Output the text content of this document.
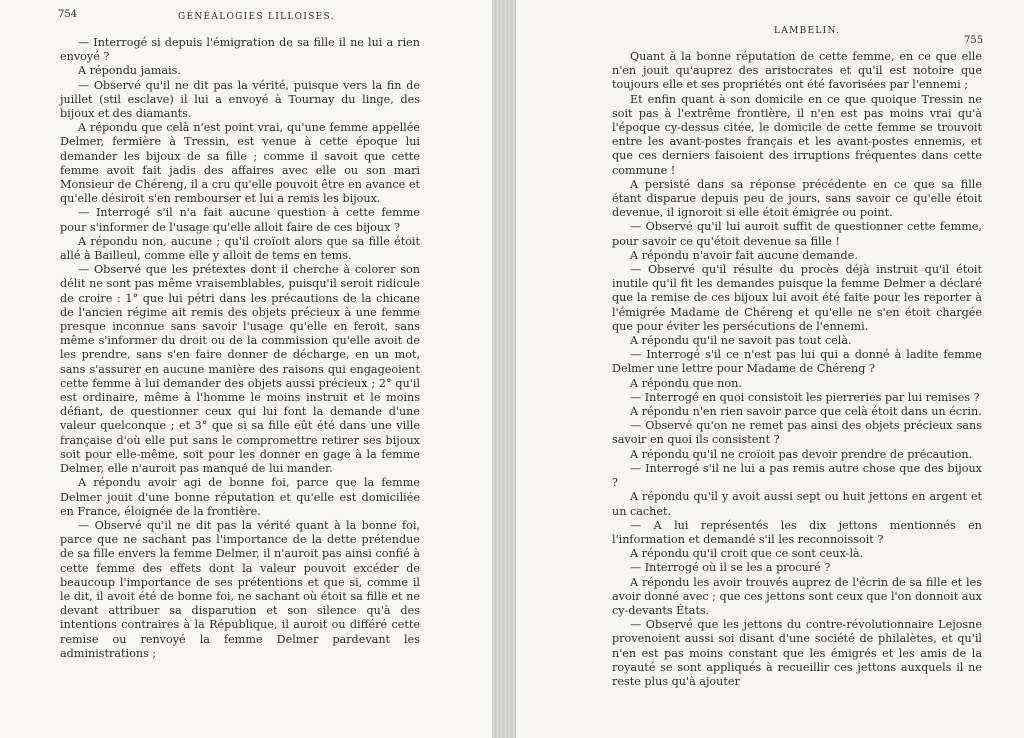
754	GÉNÉALOGIES LILLOISES.

— Interrogé si depuis l'émigration de sa fille il ne lui a rien envoyé ?

A répondu jamais.

— Observé qu'il ne dit pas la vérité, puisque vers la fin de juillet (stil esclave) il lui a envoyé à Tournay du linge, des bijoux et des diamants.

A répondu que celà n'est point vrai, qu'une femme appellée Delmer, fermière à Tressin, est venue à cette époque lui demander les bijoux de sa fille ; comme il savoit que cette femme avoit fait jadis des affaires avec elle ou son mari Monsieur de Chéreng, il a cru qu'elle pouvoit être en avance et qu'elle désiroit s'en rembourser et lui a remis les bijoux.

— Interrogé s'il n'a fait aucune question à cette femme pour s'informer de l'usage qu'elle alloit faire de ces bijoux ?

A répondu non, aucune ; qu'il croïoit alors que sa fille étoit allé à Bailleul, comme elle y alloit de tems en tems.

— Observé que les prétextes dont il cherche à colorer son délit ne sont pas même vraisemblables, puisqu'il seroit ridicule de croire : 1° que lui pétri dans les précautions de la chicane de l'ancien régime ait remis des objets précieux à une femme presque inconnue sans savoir l'usage qu'elle en feroit, sans même s'informer du droit ou de la commission qu'elle avoit de les prendre, sans s'en faire donner de décharge, en un mot, sans s'assurer en aucune manière des raisons qui engageoient cette femme à lui demander des objets aussi précieux ; 2° qu'il est ordinaire, même à l'homme le moins instruit et le moins défiant, de questionner ceux qui lui font la demande d'une valeur quelconque ; et 3° que si sa fille eût été dans une ville française d'où elle put sans le compromettre retirer ses bijoux soit pour elle-même, soit pour les donner en gage à la femme Delmer, elle n'auroit pas manqué de lui mander.

A répondu avoir agi de bonne foi, parce que la femme Delmer jouit d'une bonne réputation et qu'elle est domiciliée en France, éloignée de la frontière.

— Observé qu'il ne dit pas la vérité quant à la bonne foi, parce que ne sachant pas l'importance de la dette prétendue de sa fille envers la femme Delmer, il n'auroit pas ainsi confié à cette femme des effets dont la valeur pouvoit excéder de beaucoup l'importance de ses prétentions et que si, comme il le dit, il avoit été de bonne foi, ne sachant où étoit sa fille et ne devant attribuer sa disparution et son silence qu'à des intentions contraires à la République, il auroit ou différé cette remise ou renvoyé la femme Delmer pardevant les administrations ;

LAMBELIN.
755

Quant à la bonne réputation de cette femme, en ce que elle n'en jouit qu'auprez des aristocrates et qu'il est notoire que toujours elle et ses propriétés ont été favorisées par l'ennemi ;

Et enfin quant à son domicile en ce que quoique Tressin ne soit pas à l'extrême frontière, il n'en est pas moins vrai qu'à l'époque cy-dessus citée, le domicile de cette femme se trouvoit entre les avant-postes français et les avant-postes ennemis, et que ces derniers faisoient des irruptions fréquentes dans cette commune !

A persisté dans sa réponse précédente en ce que sa fille étant disparue depuis peu de jours, sans savoir ce qu'elle étoit devenue, il ignoroit si elle étoit émigrée ou point.

— Observé qu'il lui auroit suffit de questionner cette femme, pour savoir ce qu'étoit devenue sa fille !

A répondu n'avoir fait aucune demande.

— Observé qu'il résulte du procès déjà instruit qu'il étoit inutile qu'il fit les demandes puisque la femme Delmer a déclaré que la remise de ces bijoux lui avoit été faite pour les reporter à l'émigrée Madame de Chéreng et qu'elle ne s'en étoit chargée que pour éviter les persécutions de l'ennemi.

A répondu qu'il ne savoit pas tout celà.

— Interrogé s'il ce n'est pas lui qui a donné à ladite femme Delmer une lettre pour Madame de Chéreng ?

A répondu que non.

— Interrogé en quoi consistoit les pierreries par lui remises ?

A répondu n'en rien savoir parce que celà étoit dans un écrin.

— Observé qu'on ne remet pas ainsi des objets précieux sans savoir en quoi ils consistent ?

A répondu qu'il ne croïoit pas devoir prendre de précaution.

— Interrogé s'il ne lui a pas remis autre chose que des bijoux ?

A répondu qu'il y avoit aussi sept ou huit jettons en argent et un cachet.

— A lui représentés les dix jettons mentionnés en l'information et demandé s'il les reconnoissoit ?

A répondu qu'il croit que ce sont ceux-là.

— Interrogé où il se les a procuré ?

A répondu les avoir trouvés auprez de l'écrin de sa fille et les avoir donné avec ; que ces jettons sont ceux que l'on donnoit aux cy-devants États.

— Observé que les jettons du contre-révolutionnaire Lejosne provenoient aussi soi disant d'une société de philalètes, et qu'il n'en est pas moins constant que les émigrés et les amis de la royauté se sont appliqués à recueillir ces jettons auxquels il ne reste plus qu'à ajouter
